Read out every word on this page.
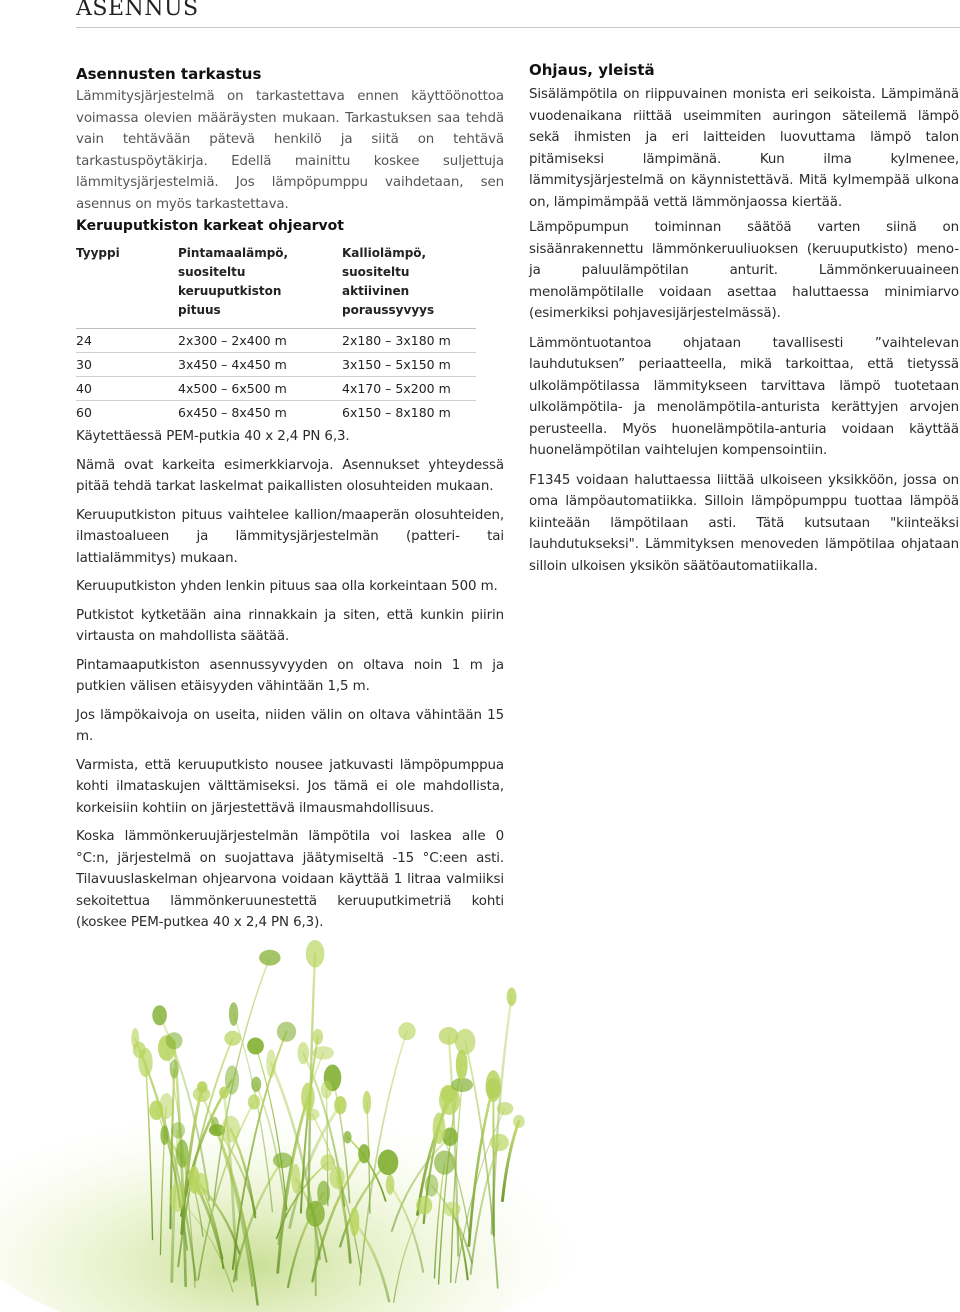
ASENNUS
Asennusten tarkastus

Lämmitysjärjestelmä on tarkastettava ennen käyttöönottoa voimassa olevien määräysten mukaan. Tarkastuksen saa tehdä vain tehtävään pätevä henkilö ja siitä on tehtävä tarkastuspöytäkirja. Edellä mainittu koskee suljettuja lämmitysjärjestelmiä. Jos lämpöpumppu vaihdetaan, sen asennus on myös tarkastettava.

Keruuputkiston karkeat ohjearvot
Tyyppi	Pintamaalämpö, suositeltu keruuputkiston pituus	Kalliolämpö, suositeltu aktiivinen poraussyvyys
24	2x300 – 2x400 m	2x180 – 3x180 m
30	3x450 – 4x450 m	3x150 – 5x150 m
40	4x500 – 6x500 m	4x170 – 5x200 m
60	6x450 – 8x450 m	6x150 – 8x180 m

Käytettäessä PEM-putkia 40 x 2,4 PN 6,3.

Nämä ovat karkeita esimerkkiarvoja. Asennukset yhteydessä pitää tehdä tarkat laskelmat paikallisten olosuhteiden mukaan.

Keruuputkiston pituus vaihtelee kallion/maaperän olosuhteiden, ilmastoalueen ja lämmitysjärjestelmän (patteri- tai lattialämmitys) mukaan.

Keruuputkiston yhden lenkin pituus saa olla korkeintaan 500 m.

Putkistot kytketään aina rinnakkain ja siten, että kunkin piirin virtausta on mahdollista säätää.

Pintamaaputkiston asennussyvyyden on oltava noin 1 m ja putkien välisen etäisyyden vähintään 1,5 m.

Jos lämpökaivoja on useita, niiden välin on oltava vähintään 15 m.

Varmista, että keruuputkisto nousee jatkuvasti lämpöpumppua kohti ilmataskujen välttämiseksi. Jos tämä ei ole mahdollista, korkeisiin kohtiin on järjestettävä ilmausmahdollisuus.

Koska lämmönkeruujärjestelmän lämpötila voi laskea alle 0 °C:n, järjestelmä on suojattava jäätymiseltä -15 °C:een asti. Tilavuuslaskelman ohjearvona voidaan käyttää 1 litraa valmiiksi sekoitettua lämmönkeruunestettä keruuputkimetriä kohti (koskee PEM-putkea 40 x 2,4 PN 6,3).

Ohjaus, yleistä

Sisälämpötila on riippuvainen monista eri seikoista. Lämpimänä vuodenaikana riittää useimmiten auringon säteilemä lämpö sekä ihmisten ja eri laitteiden luovuttama lämpö talon pitämiseksi lämpimänä. Kun ilma kylmenee, lämmitysjärjestelmä on käynnistettävä. Mitä kylmempää ulkona on, lämpimämpää vettä lämmönjaossa kiertää.

Lämpöpumpun toiminnan säätöä varten siinä on sisäänrakennettu lämmönkeruuliuoksen (keruuputkisto) meno- ja paluulämpötilan anturit. Lämmönkeruuaineen menolämpötilalle voidaan asettaa haluttaessa minimiarvo (esimerkiksi pohjavesijärjestelmässä).

Lämmöntuotantoa ohjataan tavallisesti ”vaihtelevan lauhdutuksen” periaatteella, mikä tarkoittaa, että tietyssä ulkolämpötilassa lämmitykseen tarvittava lämpö tuotetaan ulkolämpötila- ja menolämpötila-anturista kerättyjen arvojen perusteella. Myös huonelämpötila-anturia voidaan käyttää huonelämpötilan vaihtelujen kompensointiin.

F1345 voidaan haluttaessa liittää ulkoiseen yksikköön, jossa on oma lämpöautomatiikka. Silloin lämpöpumppu tuottaa lämpöä kiinteään lämpötilaan asti. Tätä kutsutaan "kiinteäksi lauhdutukseksi". Lämmityksen menoveden lämpötilaa ohjataan silloin ulkoisen yksikön säätöautomatiikalla.
